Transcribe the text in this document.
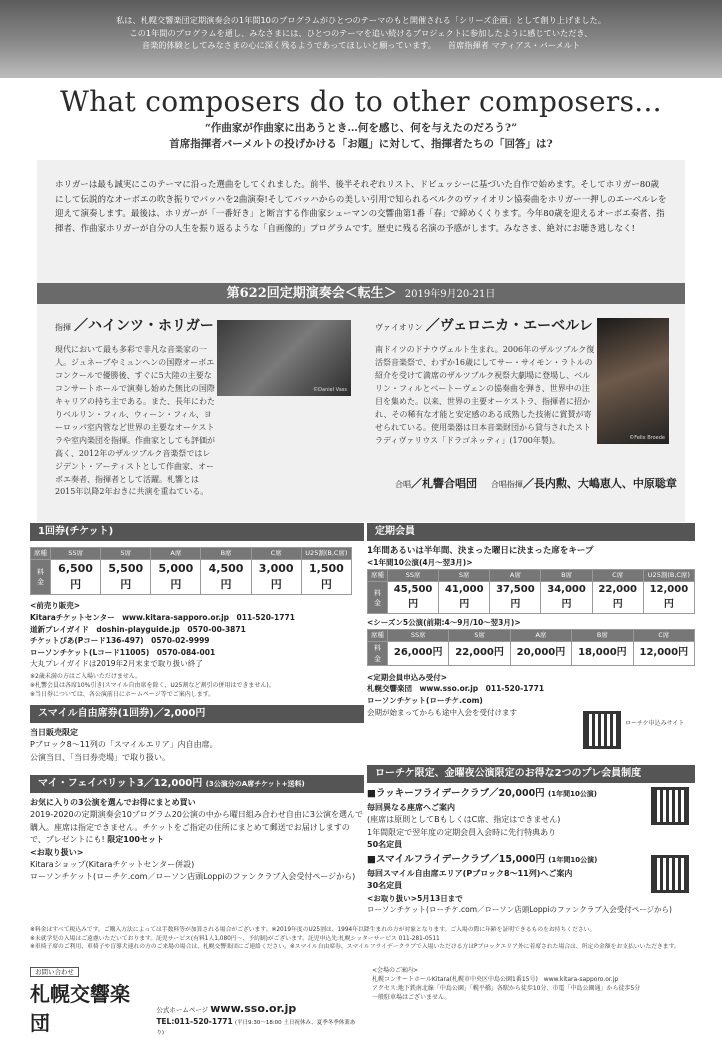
私は、札幌交響楽団定期演奏会の1年間10のプログラムがひとつのテーマのもと開催される「シリーズ企画」として創り上げました。
この1年間のプログラムを通し、みなさまには、ひとつのテーマを追い続けるプロジェクトに参加したように感じていただき、
音楽的体験としてみなさまの心に深く残るようであってほしいと願っています。 首席指揮者 マティアス・バーメルト
What composers do to other composers...
“作曲家が作曲家に出あうとき…何を感じ、何を与えたのだろう?”
首席指揮者バーメルトの投げかける「お題」に対して、指揮者たちの「回答」は?
ホリガーは最も誠実にこのテーマに沿った選曲をしてくれました。前半、後半それぞれリスト、ドビュッシーに基づいた自作で始めます。そしてホリガー80歳にして伝説的なオーボエの吹き振りでバッハを2曲演奏!そしてバッハからの美しい引用で知られるベルクのヴァイオリン協奏曲をホリガー一押しのエーベルレを迎えて演奏します。最後は、ホリガーが「一番好き」と断言する作曲家シューマンの交響曲第1番「春」で締めくくります。今年80歳を迎えるオーボエ奏者、指揮者、作曲家ホリガーが自分の人生を振り返るような「自画像的」プログラムです。歴史に残る名演の予感がします。みなさま、絶対にお聴き逃しなく!
第622回定期演奏会＜転生＞ 2019年9月20-21日
指揮 ／ハインツ・ホリガー
©Daniel Vass
現代において最も多彩で非凡な音楽家の一人。ジュネーブやミュンヘンの国際オーボエコンクールで優勝後、すぐに5大陸の主要なコンサートホールで演奏し始めた無比の国際キャリアの持ち主である。また、長年にわたりベルリン・フィル、ウィーン・フィル、ヨーロッパ室内管など世界の主要なオーケストラや室内楽団を指揮。作曲家としても評価が高く、2012年のザルツブルク音楽祭ではレジデント・アーティストとして作曲家、オーボエ奏者、指揮者として活躍。札響とは2015年以降2年おきに共演を重ねている。
ヴァイオリン ／ヴェロニカ・エーベルレ
南ドイツのドナウヴェルト生まれ。2006年のザルツブルク復活祭音楽祭で、わずか16歳にしてサー・サイモン・ラトルの紹介を受けて満席のザルツブルク祝祭大劇場に登場し、ベルリン・フィルとベートーヴェンの協奏曲を弾き、世界中の注目を集めた。以来、世界の主要オーケストラ、指揮者に招かれ、その稀有な才能と安定感のある成熟した技術に賞賛が寄せられている。使用楽器は日本音楽財団から貸与されたストラディヴァリウス「ドラゴネッティ」(1700年製)。	©Felix Broede
合唱／札響合唱団 合唱指揮／長内勲、大嶋恵人、中原聡章
1回券(チケット)
席種	SS席	S席	A席	B席	C席	U25割(B,C席)
料金	6,500円	5,500円	5,000円	4,500円	3,000円	1,500円
<前売り販売>
Kitaraチケットセンター　www.kitara-sapporo.or.jp　011-520-1771
道新プレイガイド　doshin-playguide.jp　0570-00-3871
チケットぴあ(Pコード136-497)　0570-02-9999
ローソンチケット(Lコード11005)　0570-084-001
大丸プレイガイドは2019年2月末まで取り扱い終了
※2歳未満の方はご入場いただけません。
※札響会員は各席10%引き(スマイル自由席を除く、U25割など割引の併用はできません)。
※当日券については、各公演前日にホームページ等でご案内します。
スマイル自由席券(1回券)／2,000円
当日販売限定
Pブロック8～11列の「スマイルエリア」内自由席。
公演当日、「当日券売場」で取り扱い。
マイ・フェイバリット3／12,000円 (3公演分のA席チケット+送料)
お気に入りの3公演を選んでお得にまとめ買い
2019-2020の定期演奏会10プログラム20公演の中から曜日組み合わせ自由に3公演を選んで購入。座席は指定できません。チケットをご指定の住所にまとめて郵送でお届けしますので、プレゼントにも! 限定100セット
<お取り扱い>
Kitaraショップ(Kitaraチケットセンター併設)
ローソンチケット(ローチケ.com／ローソン店頭Loppiのファンクラブ入会受付ページから)
定期会員
1年間あるいは半年間、決まった曜日に決まった席をキープ
<1年間10公演(4月～翌3月)>
席種	SS席	S席	A席	B席	C席	U25割(B,C席)
料金	45,500円	41,000円	37,500円	34,000円	22,000円	12,000円
<シーズン5公演(前期:4～9月/10～翌3月)>
席種	SS席	S席	A席	B席	C席
料金	26,000円	22,000円	20,000円	18,000円	12,000円
<定期会員申込み受付>
札幌交響楽団　www.sso.or.jp　011-520-1771
ローソンチケット(ローチケ.com)
会期が始まってからも途中入会を受付けます
ローチケ申込みサイト
ローチケ限定、金曜夜公演限定のお得な2つのプレ会員制度
■ラッキーフライデークラブ／20,000円 (1年間10公演)
毎回異なる座席へご案内
(座席は原則としてBもしくはC席、指定はできません)
1年間限定で翌年度の定期会員入会時に先行特典あり
50名定員
■スマイルフライデークラブ／15,000円 (1年間10公演)
毎回スマイル自由席エリア(Pブロック8～11列)へご案内
30名定員
<お取り扱い>5月13日まで
ローソンチケット(ローチケ.com／ローソン店頭Loppiのファンクラブ入会受付ページから)
※料金はすべて税込みです。ご購入方法によっては手数料等が加算される場合がございます。※2019年度のU25割は、1994年以降生まれの方が対象となります。ご入場の際に年齢を証明できるものをお持ちください。
※未就学児の入場はご遠慮いただいております。託児サービス(有料1人1,080円～、予約制)がございます。託児申込先:札幌シッターサービス 011-281-0511
※車椅子席のご利用、車椅子や盲導犬連れの方のご来場の場合は、札幌交響楽団にご連絡ください。※スマイル自由席券、スマイルフライデークラブで入場いただける方はPブロックエリア外に着席された場合は、所定の金額をお支払いいただきます。
お問い合わせ
札幌交響楽団
公式ホームページ www.sso.or.jp
TEL:011-520-1771 (平日9:30～18:00 土日祝休み、夏季冬季休業あり)
<会場のご案内>
札幌コンサートホールKitara(札幌市中央区中島公園1番15号)　www.kitara-sapporo.or.jp
アクセス:地下鉄南北線「中島公園」「幌平橋」各駅から徒歩10分、市電「中島公園通」から徒歩5分
一般駐車場はございません。
